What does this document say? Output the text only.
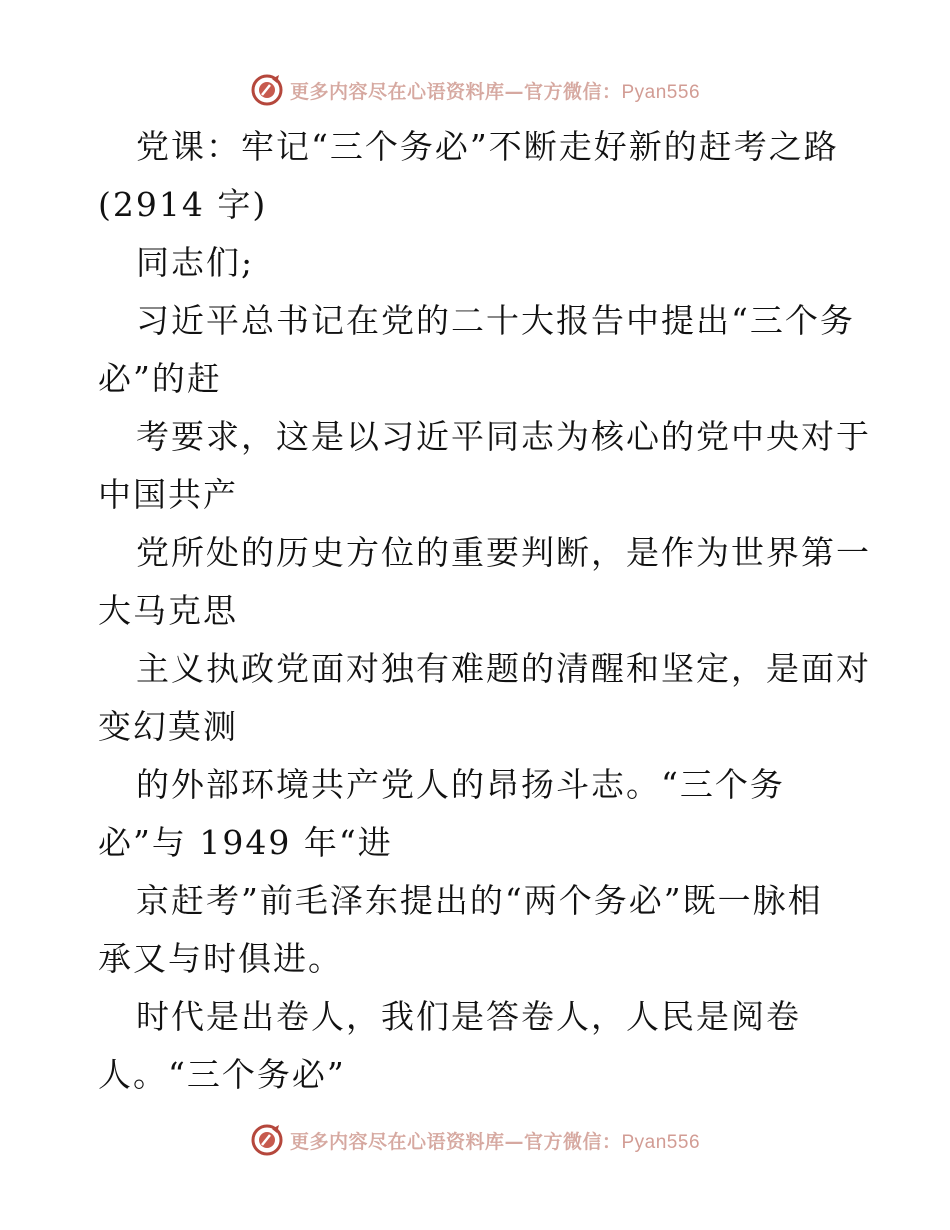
更多内容尽在心语资料库—官方微信：Pyan556
党课：牢记“三个务必”不断走好新的赶考之路
(2914 字)
同志们;
习近平总书记在党的二十大报告中提出“三个务
必”的赶
考要求，这是以习近平同志为核心的党中央对于
中国共产
党所处的历史方位的重要判断，是作为世界第一
大马克思
主义执政党面对独有难题的清醒和坚定，是面对
变幻莫测
的外部环境共产党人的昂扬斗志。“三个务
必”与 1949 年“进
京赶考”前毛泽东提出的“两个务必”既一脉相
承又与时俱进。
时代是出卷人，我们是答卷人，人民是阅卷
人。“三个务必”
更多内容尽在心语资料库—官方微信：Pyan556
